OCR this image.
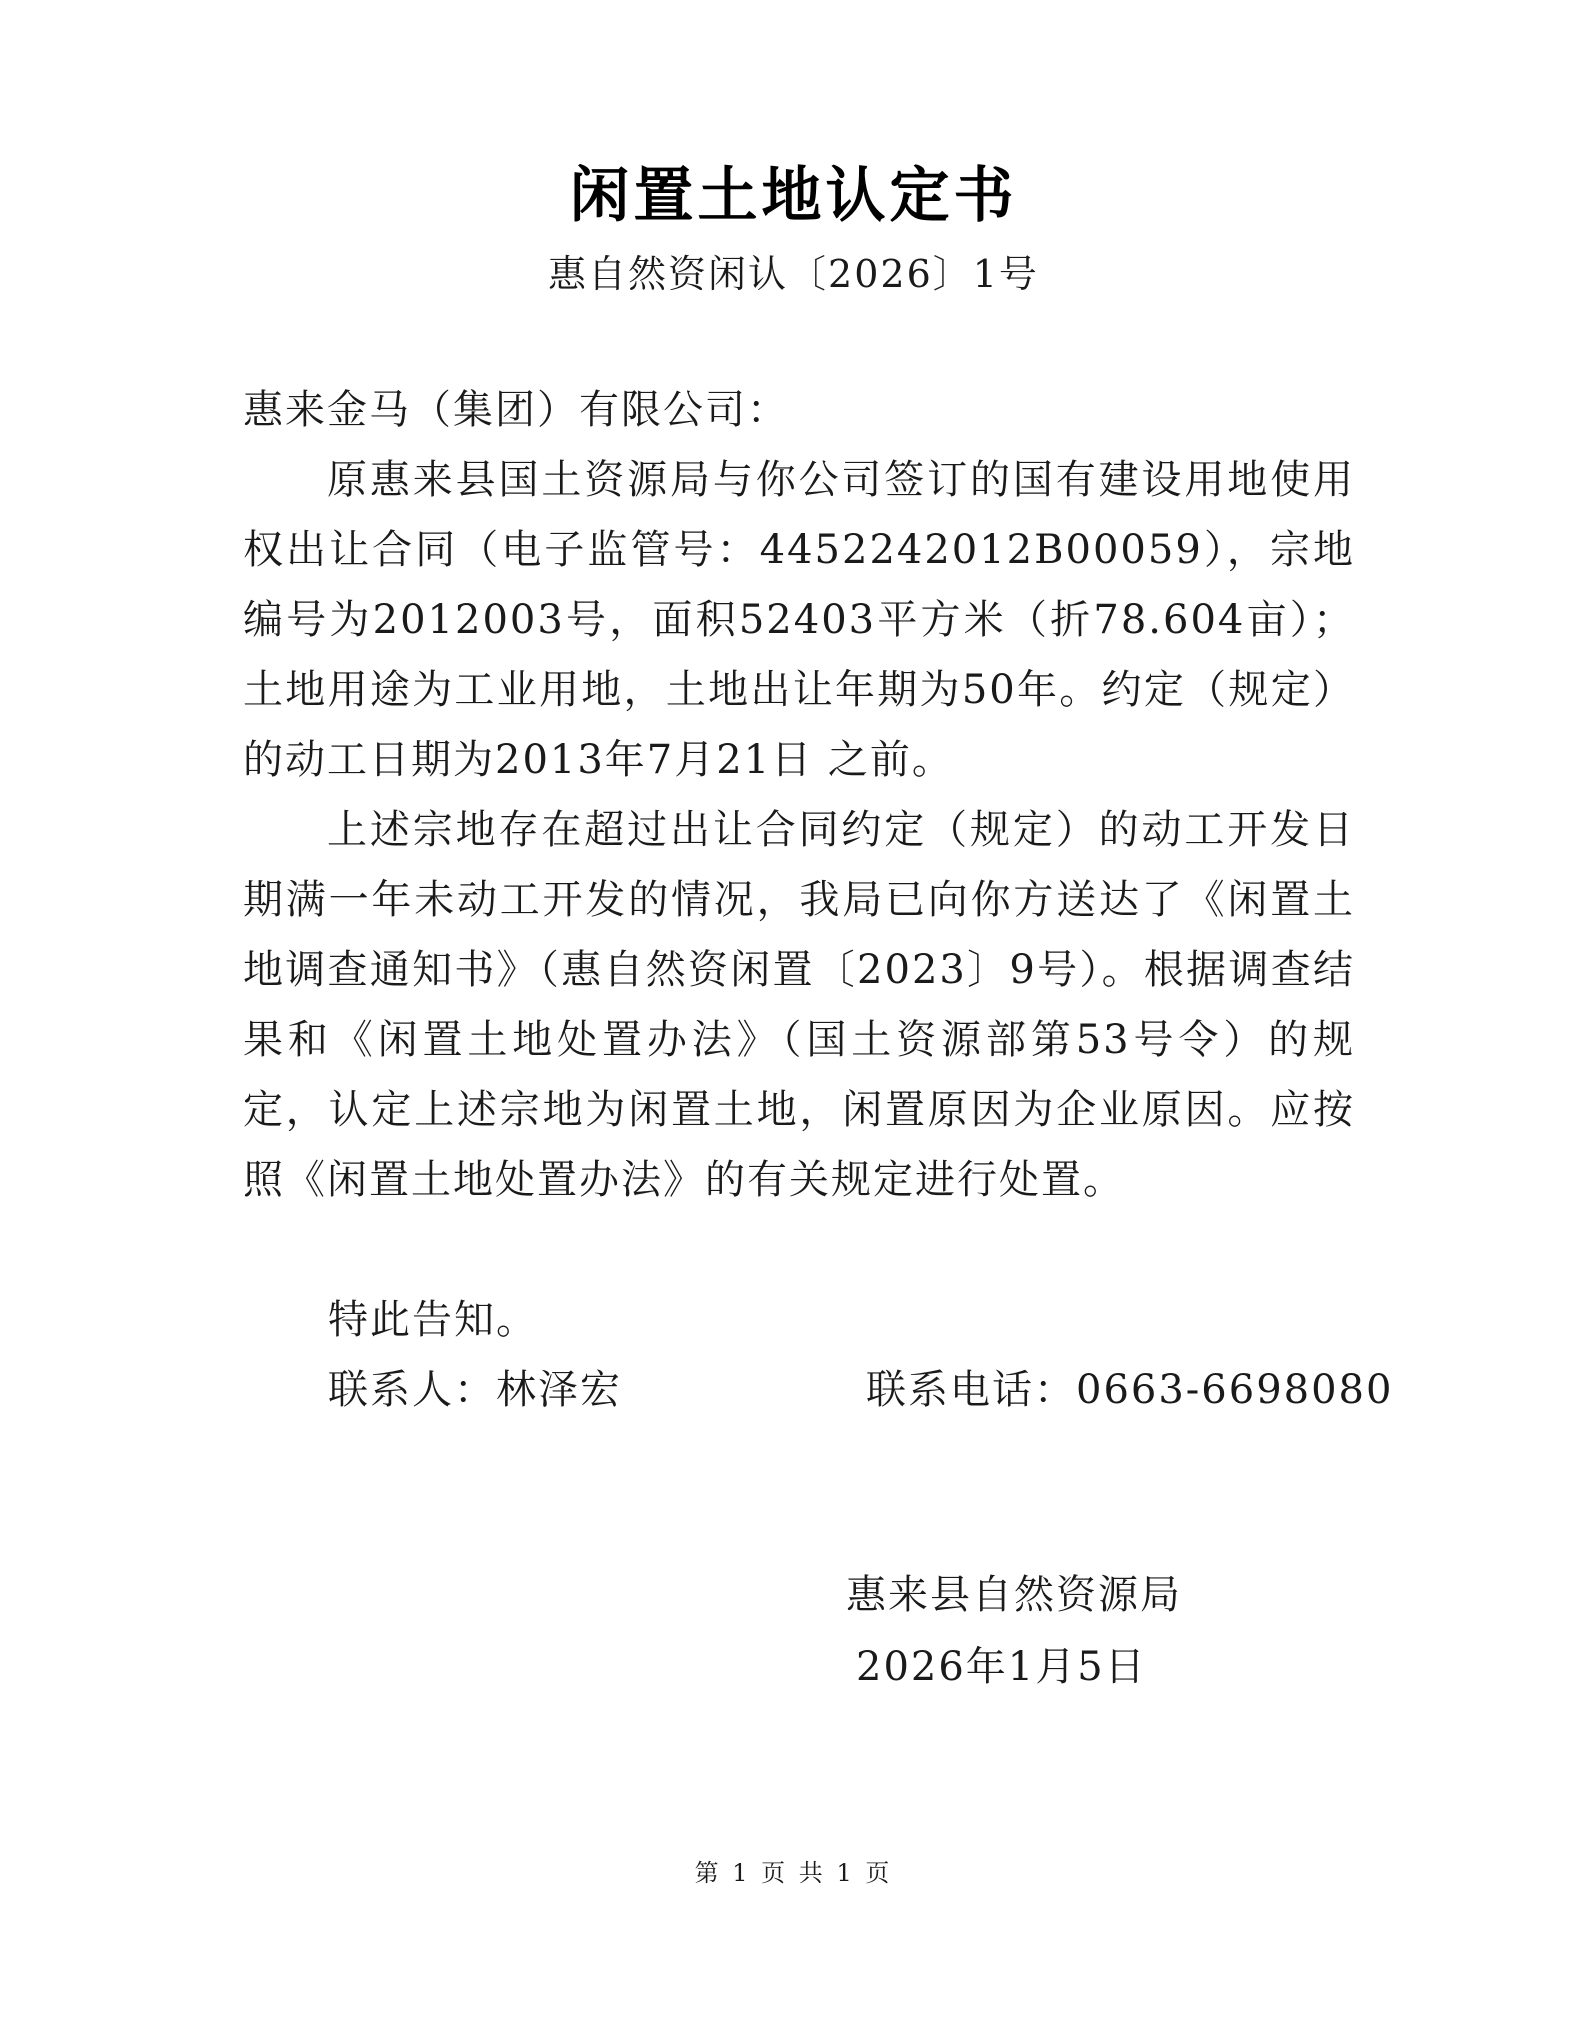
闲置土地认定书
惠自然资闲认〔2026〕1号
惠来金马（集团）有限公司：
原惠来县国土资源局与你公司签订的国有建设用地使用权出让合同（电子监管号：4452242012B00059），宗地编号为2012003号，面积52403平方米（折78.604亩）；土地用途为工业用地，土地出让年期为50年。约定（规定）的动工日期为2013年7月21日 之前。
上述宗地存在超过出让合同约定（规定）的动工开发日期满一年未动工开发的情况，我局已向你方送达了《闲置土地调查通知书》（惠自然资闲置〔2023〕9号）。根据调查结果和《闲置土地处置办法》（国土资源部第53号令）的规定，认定上述宗地为闲置土地，闲置原因为企业原因。应按照《闲置土地处置办法》的有关规定进行处置。
特此告知。
联系人：林泽宏	联系电话：0663-6698080
惠来县自然资源局
2026年1月5日
第 1 页 共 1 页
